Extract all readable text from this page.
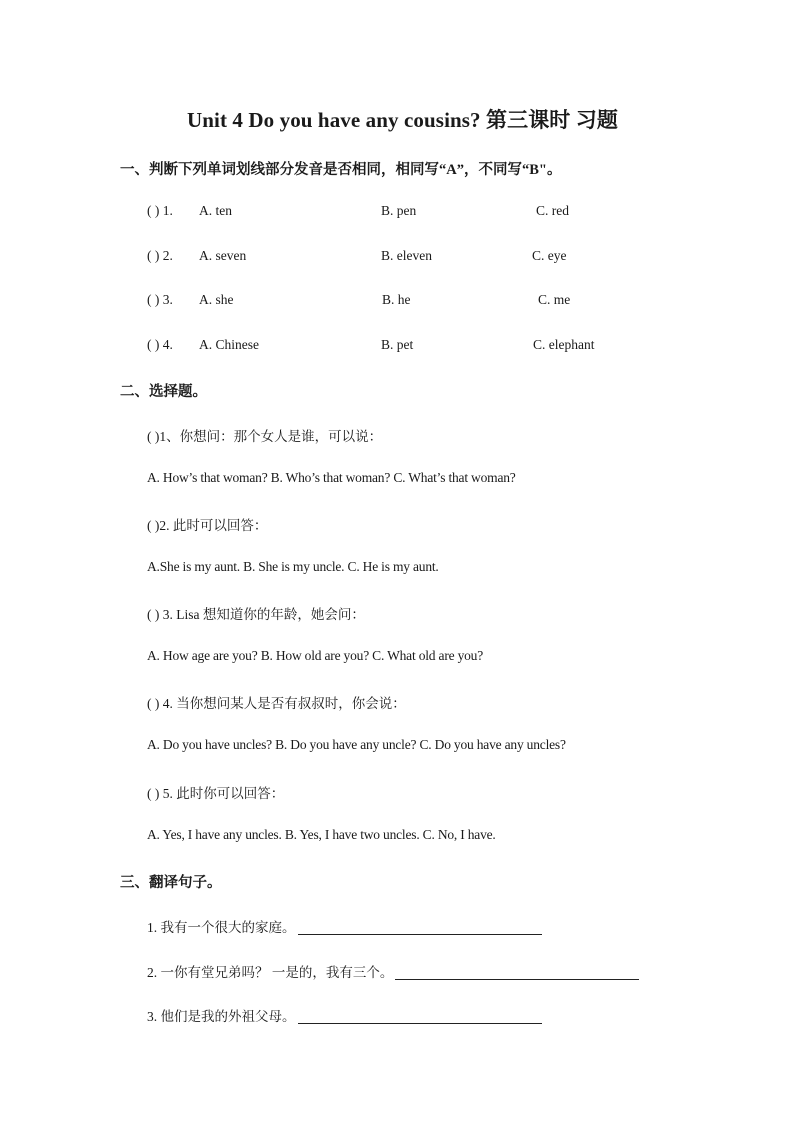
Unit 4 Do you have any cousins? 第三课时 习题
一、判断下列单词划线部分发音是否相同，相同写“A”，不同写“B"。
( ) 1. A. ten	B. pen	C. red
( ) 2. A. seven	B. eleven	C. eye
( ) 3. A. she	B. he	C. me
( ) 4. A. Chinese	B. pet	C. elephant
二、选择题。
( )1、你想问：那个女人是谁，可以说：
A. How’s that woman? B. Who’s that woman? C. What’s that woman?
( )2. 此时可以回答：
A.She is my aunt. B. She is my uncle. C. He is my aunt.
( ) 3. Lisa 想知道你的年龄，她会问：
A. How age are you? B. How old are you? C. What old are you?
( ) 4. 当你想问某人是否有叔叔时，你会说：
A. Do you have uncles? B. Do you have any uncle? C. Do you have any uncles?
( ) 5. 此时你可以回答：
A. Yes, I have any uncles. B. Yes, I have two uncles. C. No, I have.
三、翻译句子。
1. 我有一个很大的家庭。
2. 一你有堂兄弟吗？ 一是的，我有三个。
3. 他们是我的外祖父母。
